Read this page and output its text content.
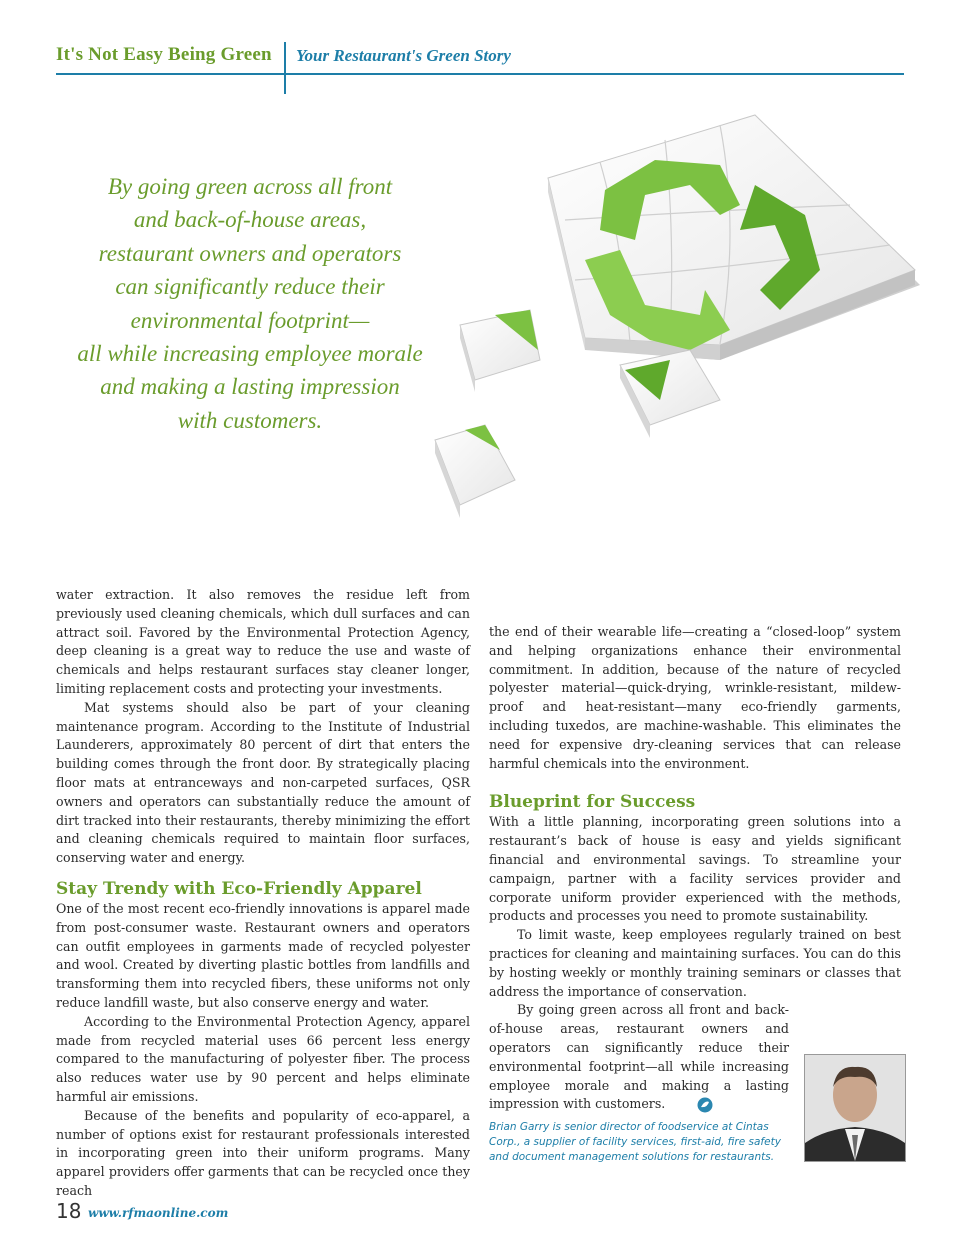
It's Not Easy Being Green Your Restaurant's Green Story
By going green across all front
and back-of-house areas,
restaurant owners and operators
can significantly reduce their
environmental footprint—
all while increasing employee morale
and making a lasting impression
with customers.

water extraction. It also removes the residue left from previously used cleaning chemicals, which dull surfaces and can attract soil. Favored by the Environmental Protection Agency, deep cleaning is a great way to reduce the use and waste of chemicals and helps restaurant surfaces stay cleaner longer, limiting replacement costs and protecting your investments.

Mat systems should also be part of your cleaning maintenance program. According to the Institute of Industrial Launderers, approximately 80 percent of dirt that enters the building comes through the front door. By strategically placing floor mats at entranceways and non-carpeted surfaces, QSR owners and operators can substantially reduce the amount of dirt tracked into their restaurants, thereby minimizing the effort and cleaning chemicals required to maintain floor surfaces, conserving water and energy.

Stay Trendy with Eco-Friendly Apparel

One of the most recent eco-friendly innovations is apparel made from post-consumer waste. Restaurant owners and operators can outfit employees in garments made of recycled polyester and wool. Created by diverting plastic bottles from landfills and transforming them into recycled fibers, these uniforms not only reduce landfill waste, but also conserve energy and water.

According to the Environmental Protection Agency, apparel made from recycled material uses 66 percent less energy compared to the manufacturing of polyester fiber. The process also reduces water use by 90 percent and helps eliminate harmful air emissions.

Because of the benefits and popularity of eco-apparel, a number of options exist for restaurant professionals interested in incorporating green into their uniform programs. Many apparel providers offer garments that can be recycled once they reach

the end of their wearable life—creating a “closed-loop” system and helping organizations enhance their environmental commitment. In addition, because of the nature of recycled polyester material—quick-drying, wrinkle-resistant, mildew-proof and heat-resistant—many eco-friendly garments, including tuxedos, are machine-washable. This eliminates the need for expensive dry-cleaning services that can release harmful chemicals into the environment.

Blueprint for Success

With a little planning, incorporating green solutions into a restaurant’s back of house is easy and yields significant financial and environmental savings. To streamline your campaign, partner with a facility services provider and corporate uniform provider experienced with the methods, products and processes you need to promote sustainability.

To limit waste, keep employees regularly trained on best practices for cleaning and maintaining surfaces. You can do this by hosting weekly or monthly training seminars or classes that address the importance of conservation.

By going green across all front and back-of-house areas, restaurant owners and operators can significantly reduce their environmental footprint—all while increasing employee morale and making a lasting impression with customers.

Brian Garry is senior director of foodservice at Cintas Corp., a supplier of facility services, first-aid, fire safety and document management solutions for restaurants.
18 www.rfmaonline.com
